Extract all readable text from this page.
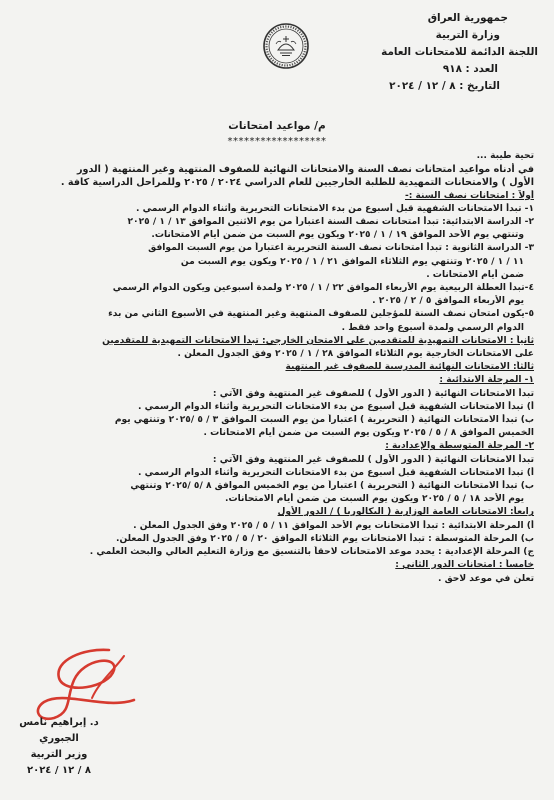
جمهورية العراق
وزارة التربية
اللجنة الدائمة للامتحانات العامة
العدد : ٩١٨
التاريخ : ٨ / ١٢ / ٢٠٢٤
م/ مواعيد امتحانات
******************

تحية طيبة ...

في أدناه مواعيد امتحانات نصف السنة والامتحانات النهائية للصفوف المنتهية وغير المنتهية ( الدور

الأول ) والامتحانات التمهيدية للطلبة الخارجيين للعام الدراسي ٢٠٢٤ / ٢٠٢٥ وللمراحل الدراسية كافة .

أولاً : امتحانات نصف السنة :-

١- تبدأ الامتحانات الشفهية قبل أسبوع من بدء الامتحانات التحريرية وأثناء الدوام الرسمي .

٢- الدراسة الابتدائية: تبدأ امتحانات نصف السنة اعتباراً من يوم الاثنين الموافق ١٣ / ١ / ٢٠٢٥

وتنتهي يوم الأحد الموافق ١٩ / ١ / ٢٠٢٥ ويكون يوم السبت من ضمن أيام الامتحانات.

٣- الدراسة الثانوية : تبدأ امتحانات نصف السنة التحريرية اعتباراً من يوم السبت الموافق

١١ / ١ / ٢٠٢٥ وتنتهي يوم الثلاثاء الموافق ٢١ / ١ / ٢٠٢٥ ويكون يوم السبت من

ضمن أيام الامتحانات .

٤-تبدأ العطلة الربيعية يوم الأربعاء الموافق ٢٢ / ١ / ٢٠٢٥ ولمدة أسبوعين ويكون الدوام الرسمي

يوم الأربعاء الموافق ٥ / ٢ / ٢٠٢٥ .

٥-يكون امتحان نصف السنة للمؤجلين للصفوف المنتهية وغير المنتهية في الأسبوع الثاني من بدء

الدوام الرسمي ولمدة أسبوع واحد فقط .

ثانياً : الامتحانات التمهيدية للمتقدمين على الامتحان الخارجي: تبدأ الامتحانات التمهيدية للمتقدمين

على الامتحانات الخارجية يوم الثلاثاء الموافق ٢٨ / ١ / ٢٠٢٥ وفق الجدول المعلن .

ثالثاً: الامتحانات النهائية المدرسية للصفوف غير المنتهية

١- المرحلة الابتدائية :

تبدأ الامتحانات النهائية ( الدور الأول ) للصفوف غير المنتهية وفق الآتي :

أ) تبدأ الامتحانات الشفهية قبل أسبوع من بدء الامتحانات التحريرية وأثناء الدوام الرسمي .

ب) تبدأ الامتحانات النهائية ( التحريرية ) اعتباراً من يوم السبت الموافق ٣ / ٥ /٢٠٢٥ وتنتهي يوم

الخميس الموافق ٨ / ٥ / ٢٠٢٥ ويكون يوم السبت من ضمن أيام الامتحانات .

٢- المرحلة المتوسطة والإعدادية :

تبدأ الامتحانات النهائية ( الدور الأول ) للصفوف غير المنتهية وفق الآتي :

أ) تبدأ الامتحانات الشفهية قبل أسبوع من بدء الامتحانات التحريرية وأثناء الدوام الرسمي .

ب) تبدأ الامتحانات النهائية ( التحريرية ) اعتباراً من يوم الخميس الموافق ٨ /٥ /٢٠٢٥ وتنتهي

يوم الأحد ١٨ / ٥ / ٢٠٢٥ ويكون يوم السبت من ضمن أيام الامتحانات.

رابعاً: الامتحانات العامة الوزارية ( البكالوريا ) / الدور الأول

أ) المرحلة الابتدائية : تبدأ الامتحانات يوم الأحد الموافق ١١ / ٥ / ٢٠٢٥ وفق الجدول المعلن .

ب) المرحلة المتوسطة : تبدأ الامتحانات يوم الثلاثاء الموافق ٢٠ / ٥ / ٢٠٢٥ وفق الجدول المعلن.

ج) المرحلة الإعدادية : يحدد موعد الامتحانات لاحقاً بالتنسيق مع وزارة التعليم العالي والبحث العلمي .

خامساً : امتحانات الدور الثاني :

تعلن في موعد لاحق .

د. إبراهيم نامس الجبوري
وزير التربية
٨ / ١٢ / ٢٠٢٤
